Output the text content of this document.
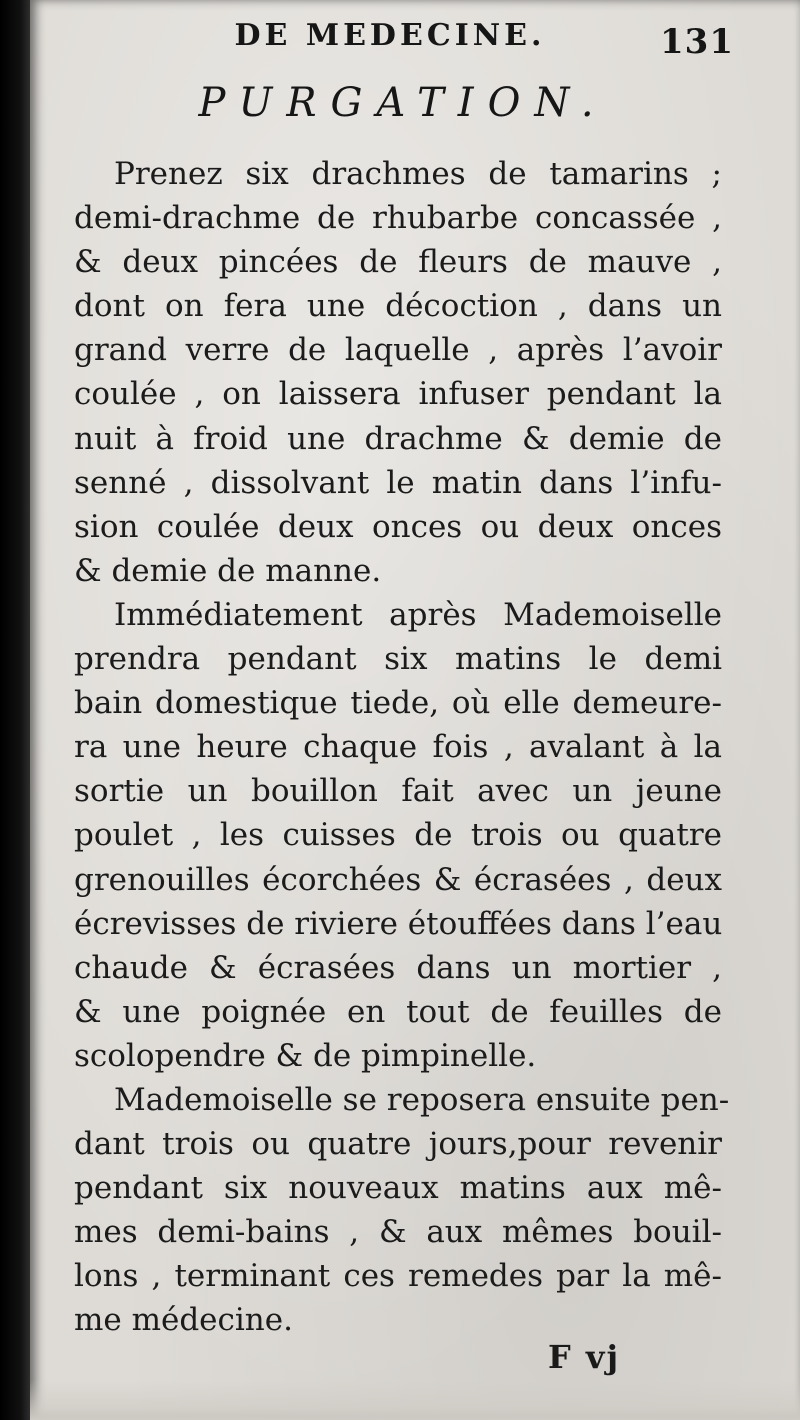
DE MEDECINE.	131
PURGATION.
Prenez six drachmes de tamarins ;
demi-drachme de rhubarbe concassée ,
& deux pincées de fleurs de mauve ,
dont on fera une décoction , dans un
grand verre de laquelle , après l’avoir
coulée , on laissera infuser pendant la
nuit à froid une drachme & demie de
senné , dissolvant le matin dans l’infu-
sion coulée deux onces ou deux onces
& demie de manne.
Immédiatement après Mademoiselle
prendra pendant six matins le demi
bain domestique tiede, où elle demeure-
ra une heure chaque fois , avalant à la
sortie un bouillon fait avec un jeune
poulet , les cuisses de trois ou quatre
grenouilles écorchées & écrasées , deux
écrevisses de riviere étouffées dans l’eau
chaude & écrasées dans un mortier ,
& une poignée en tout de feuilles de
scolopendre & de pimpinelle.
Mademoiselle se reposera ensuite pen-
dant trois ou quatre jours,pour revenir
pendant six nouveaux matins aux mê-
mes demi-bains , & aux mêmes bouil-
lons , terminant ces remedes par la mê-
me médecine.
F vj
